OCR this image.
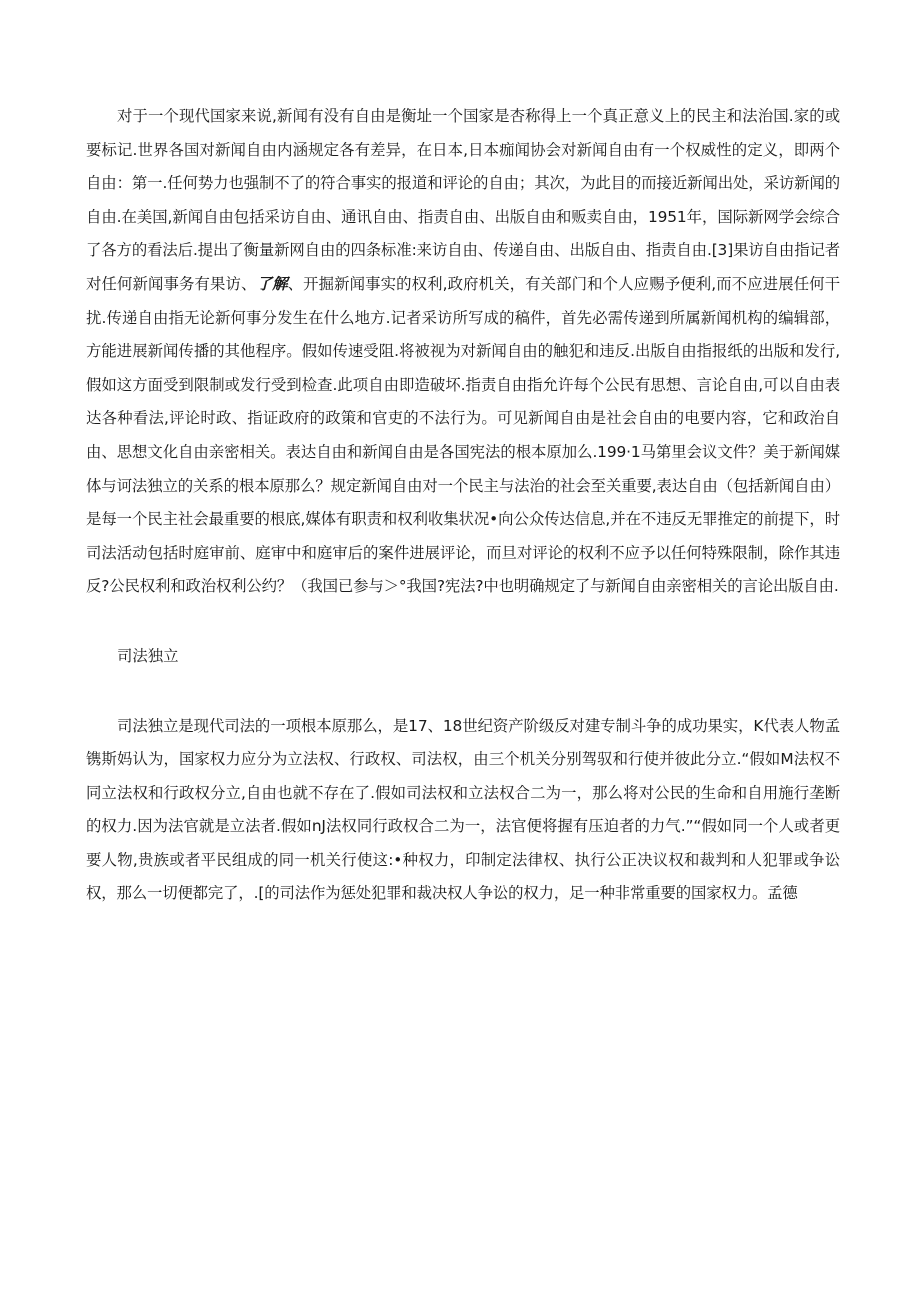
对于一个现代国家来说,新闻有没有自由是衡址一个国家是杏称得上一个真正意义上的民主和法治国.家的或要标记.世界各国对新闻自由内涵规定各有差异，在日本,日本痂闻协会对新闻自由有一个权威性的定义，即两个自由：第一.任何势力也强制不了的符合事实的报道和评论的自由；其次，为此目的而接近新闻出处，采访新闻的自由.在美国,新闻自由包括采访自由、通讯自由、指责自由、出版自由和贩卖自由，1951年，国际新网学会综合了各方的看法后.提出了衡量新网自由的四条标准:来访自由、传递自由、出版自由、指责自由.[3]果访自由指记者对任何新闻事务有果访、了解、开掘新闻事实的权利,政府机关，有关部门和个人应赐予便利,而不应进展任何干扰.传递自由指无论新何事分发生在什么地方.记者采访所写成的稿件，首先必需传递到所属新闻机构的编辑部，方能进展新闻传播的其他程序。假如传速受阻.将被视为对新闻自由的触犯和违反.出版自由指报纸的出版和发行,假如这方面受到限制或发行受到检查.此项自由即造破坏.指责自由指允许每个公民有思想、言论自由,可以自由表达各种看法,评论时政、指证政府的政策和官吏的不法行为。可见新闻自由是社会自由的电要内容，它和政治自由、思想文化自由亲密相关。表达自由和新闻自由是各国宪法的根本原加么.199·1马第里会议文件？美于新闻媒体与诃法独立的关系的根本原那么？规定新闻自由对一个民主与法治的社会至关重要,表达自由（包括新闻自由）是每一个民主社会最重要的根底,媒体有职责和权利收集状况•向公众传达信息,并在不违反无罪推定的前提下，时司法活动包括时庭审前、庭审中和庭审后的案件进展评论，而旦对评论的权利不应予以任何特殊限制，除作其违反?公民权利和政治权利公约？（我国已参与＞°我国?宪法?中也明确规定了与新闻自由亲密相关的言论出版自由.

司法独立

司法独立是现代司法的一项根本原那么，是17、18世纪资产阶级反对建专制斗争的成功果实，K代表人物孟镌斯妈认为，国家权力应分为立法权、行政权、司法权，由三个机关分别驾驭和行使并彼此分立.“假如M法权不同立法权和行政权分立,自由也就不存在了.假如司法权和立法权合二为一，那么将对公民的生命和自用施行垄断的权力.因为法官就是立法者.假如nJ法权同行政权合二为一，法官便将握有压迫者的力气.”“假如同一个人或者更要人物,贵族或者平民组成的同一机关行使这:•种权力，印制定法律权、执行公正决议权和裁判和人犯罪或争讼权，那么一切便都完了，.[的司法作为惩处犯罪和裁决权人争讼的权力，足一种非常重要的国家权力。孟德
